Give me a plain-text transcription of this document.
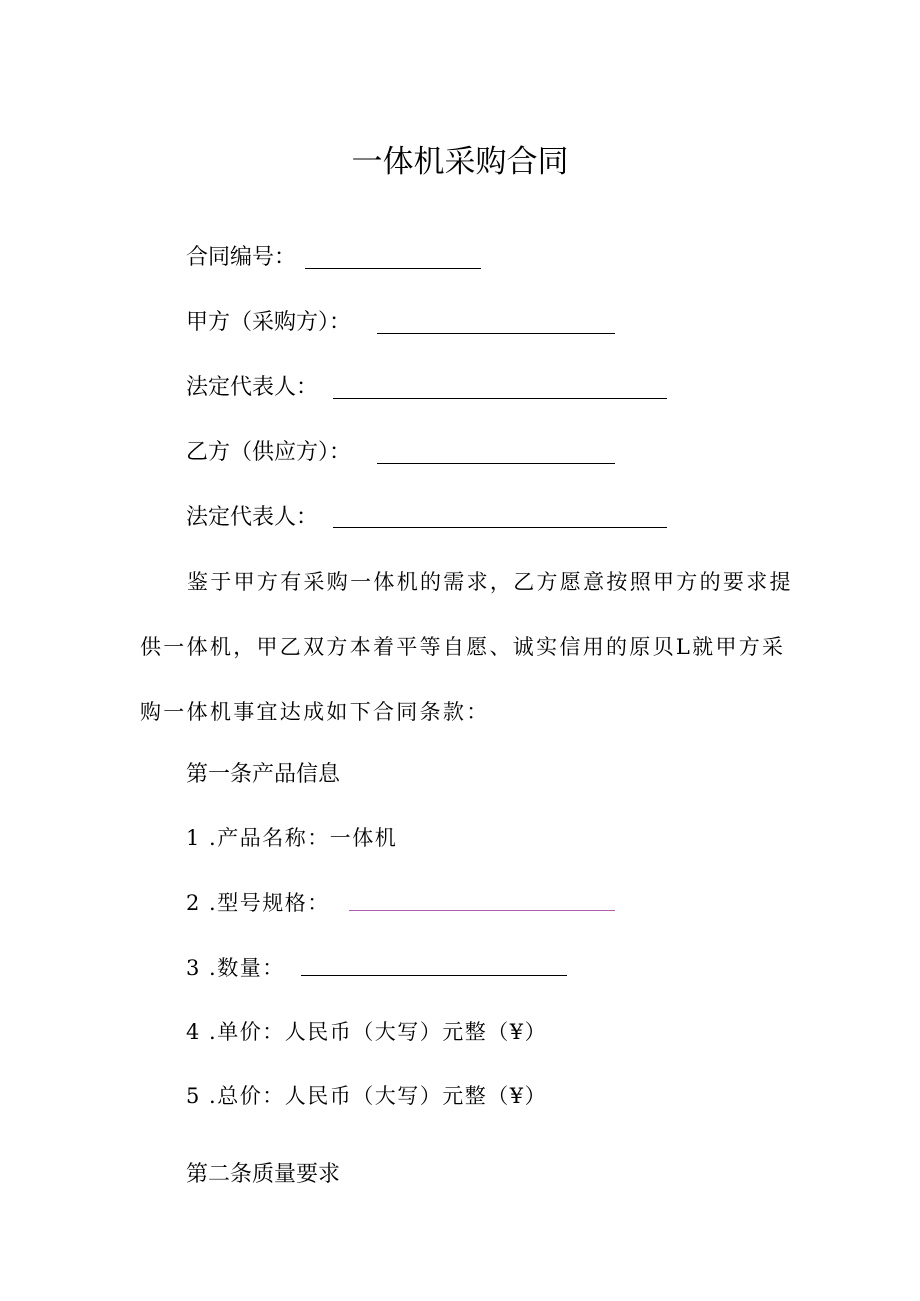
一体机采购合同
合同编号：
甲方（采购方）：
法定代表人：
乙方（供应方）：
法定代表人：
鉴于甲方有采购一体机的需求，乙方愿意按照甲方的要求提
供一体机，甲乙双方本着平等自愿、诚实信用的原贝L就甲方采
购一体机事宜达成如下合同条款：
第一条产品信息
1 .产品名称：一体机
2 .型号规格：
3 .数量：
4 .单价：人民币（大写）元整（¥）
5 .总价：人民币（大写）元整（¥）
第二条质量要求
